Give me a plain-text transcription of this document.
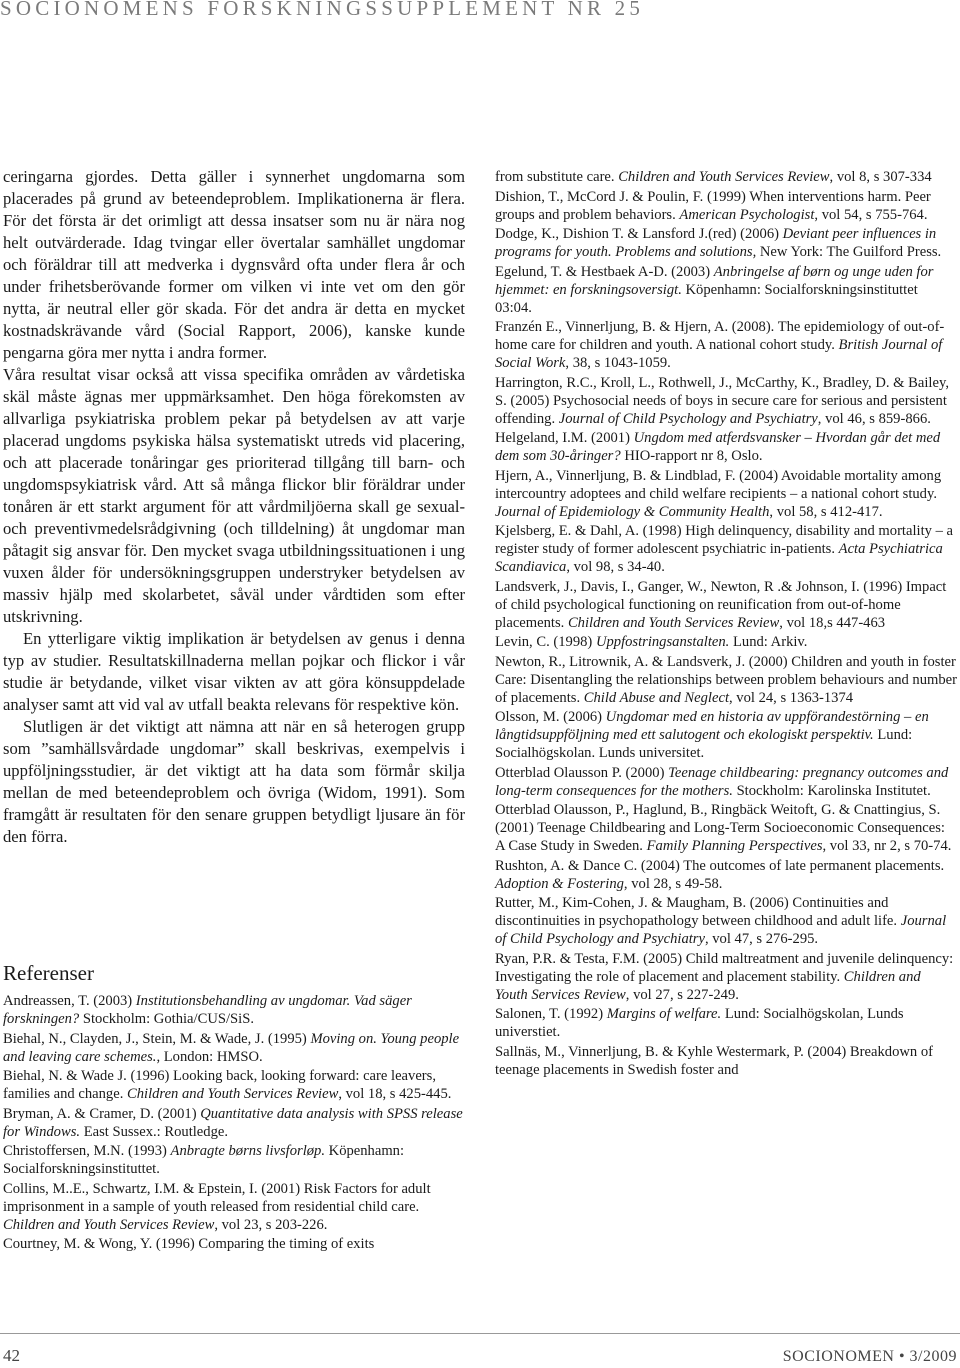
SOCIONOMENS FORSKNINGSSUPPLEMENT NR 25

ceringarna gjordes. Detta gäller i synnerhet ungdomarna som placerades på grund av beteendeproblem. Implikationerna är flera. För det första är det orimligt att dessa insatser som nu är nära nog helt outvärderade. Idag tvingar eller övertalar samhället ungdomar och föräldrar till att medverka i dygnsvård ofta under flera år och under frihetsberövande former om vilken vi inte vet om den gör nytta, är neutral eller gör skada. För det andra är detta en mycket kostnadskrävande vård (Social Rapport, 2006), kanske kunde pengarna göra mer nytta i andra former.

Våra resultat visar också att vissa specifika områden av vårdetiska skäl måste ägnas mer uppmärksamhet. Den höga förekomsten av allvarliga psykiatriska problem pekar på betydelsen av att varje placerad ungdoms psykiska hälsa systematiskt utreds vid placering, och att placerade tonåringar ges prioriterad tillgång till barn- och ungdomspsykiatrisk vård. Att så många flickor blir föräldrar under tonåren är ett starkt argument för att vårdmiljöerna skall ge sexual- och preventivmedelsrådgivning (och tilldelning) åt ungdomar man påtagit sig ansvar för. Den mycket svaga utbildningssituationen i ung vuxen ålder för undersökningsgruppen understryker betydelsen av massiv hjälp med skolarbetet, såväl under vårdtiden som efter utskrivning.

En ytterligare viktig implikation är betydelsen av genus i denna typ av studier. Resultatskillnaderna mellan pojkar och flickor i vår studie är betydande, vilket visar vikten av att göra könsuppdelade analyser samt att vid val av utfall beakta relevans för respektive kön.

Slutligen är det viktigt att nämna att när en så heterogen grupp som ”samhällsvårdade ungdomar” skall beskrivas, exempelvis i uppföljningsstudier, är det viktigt att ha data som förmår skilja mellan de med beteendeproblem och övriga (Widom, 1991). Som framgått är resultaten för den senare gruppen betydligt ljusare än för den förra.

Referenser

Andreassen, T. (2003) Institutionsbehandling av ungdomar. Vad säger forskningen? Stockholm: Gothia/CUS/SiS.

Biehal, N., Clayden, J., Stein, M. & Wade, J. (1995) Moving on. Young people and leaving care schemes., London: HMSO.

Biehal, N. & Wade J. (1996) Looking back, looking forward: care leavers, families and change. Children and Youth Services Review, vol 18, s 425-445.

Bryman, A. & Cramer, D. (2001) Quantitative data analysis with SPSS release for Windows. East Sussex.: Routledge.

Christoffersen, M.N. (1993) Anbragte børns livsforløp. Köpenhamn: Socialforskningsinstituttet.

Collins, M..E., Schwartz, I.M. & Epstein, I. (2001) Risk Factors for adult imprisonment in a sample of youth released from residential child care. Children and Youth Services Review, vol 23, s 203-226.

Courtney, M. & Wong, Y. (1996) Comparing the timing of exits

from substitute care. Children and Youth Services Review, vol 8, s 307-334

Dishion, T., McCord J. & Poulin, F. (1999) When interventions harm. Peer groups and problem behaviors. American Psychologist, vol 54, s 755-764.

Dodge, K., Dishion T. & Lansford J.(red) (2006) Deviant peer influences in programs for youth. Problems and solutions, New York: The Guilford Press.

Egelund, T. & Hestbaek A-D. (2003) Anbringelse af børn og unge uden for hjemmet: en forskningsoversigt. Köpenhamn: Socialforskningsinstituttet 03:04.

Franzén E., Vinnerljung, B. & Hjern, A. (2008). The epidemiology of out-of-home care for children and youth. A national cohort study. British Journal of Social Work, 38, s 1043-1059.

Harrington, R.C., Kroll, L., Rothwell, J., McCarthy, K., Bradley, D. & Bailey, S. (2005) Psychosocial needs of boys in secure care for serious and persistent offending. Journal of Child Psychology and Psychiatry, vol 46, s 859-866.

Helgeland, I.M. (2001) Ungdom med atferdsvansker – Hvordan går det med dem som 30-åringer? HIO-rapport nr 8, Oslo.

Hjern, A., Vinnerljung, B. & Lindblad, F. (2004) Avoidable mortality among intercountry adoptees and child welfare recipients – a national cohort study. Journal of Epidemiology & Community Health, vol 58, s 412-417.

Kjelsberg, E. & Dahl, A. (1998) High delinquency, disability and mortality – a register study of former adolescent psychiatric in-patients. Acta Psychiatrica Scandiavica, vol 98, s 34-40.

Landsverk, J., Davis, I., Ganger, W., Newton, R .& Johnson, I. (1996) Impact of child psychological functioning on reunification from out-of-home placements. Children and Youth Services Review, vol 18,s 447-463

Levin, C. (1998) Uppfostringsanstalten. Lund: Arkiv.

Newton, R., Litrownik, A. & Landsverk, J. (2000) Children and youth in foster Care: Disentangling the relationships between problem behaviours and number of placements. Child Abuse and Neglect, vol 24, s 1363-1374

Olsson, M. (2006) Ungdomar med en historia av uppförandestörning – en långtidsuppföljning med ett salutogent och ekologiskt perspektiv. Lund: Socialhögskolan. Lunds universitet.

Otterblad Olausson P. (2000) Teenage childbearing: pregnancy outcomes and long-term consequences for the mothers. Stockholm: Karolinska Institutet.

Otterblad Olausson, P., Haglund, B., Ringbäck Weitoft, G. & Cnattingius, S. (2001) Teenage Childbearing and Long-Term Socioeconomic Consequences: A Case Study in Sweden. Family Planning Perspectives, vol 33, nr 2, s 70-74.

Rushton, A. & Dance C. (2004) The outcomes of late permanent placements. Adoption & Fostering, vol 28, s 49-58.

Rutter, M., Kim-Cohen, J. & Maugham, B. (2006) Continuities and discontinuities in psychopathology between childhood and adult life. Journal of Child Psychology and Psychiatry, vol 47, s 276-295.

Ryan, P.R. & Testa, F.M. (2005) Child maltreatment and juvenile delinquency: Investigating the role of placement and placement stability. Children and Youth Services Review, vol 27, s 227-249.

Salonen, T. (1992) Margins of welfare. Lund: Socialhögskolan, Lunds universtiet.

Sallnäs, M., Vinnerljung, B. & Kyhle Westermark, P. (2004) Breakdown of teenage placements in Swedish foster and

42	SOCIONOMEN • 3/2009
